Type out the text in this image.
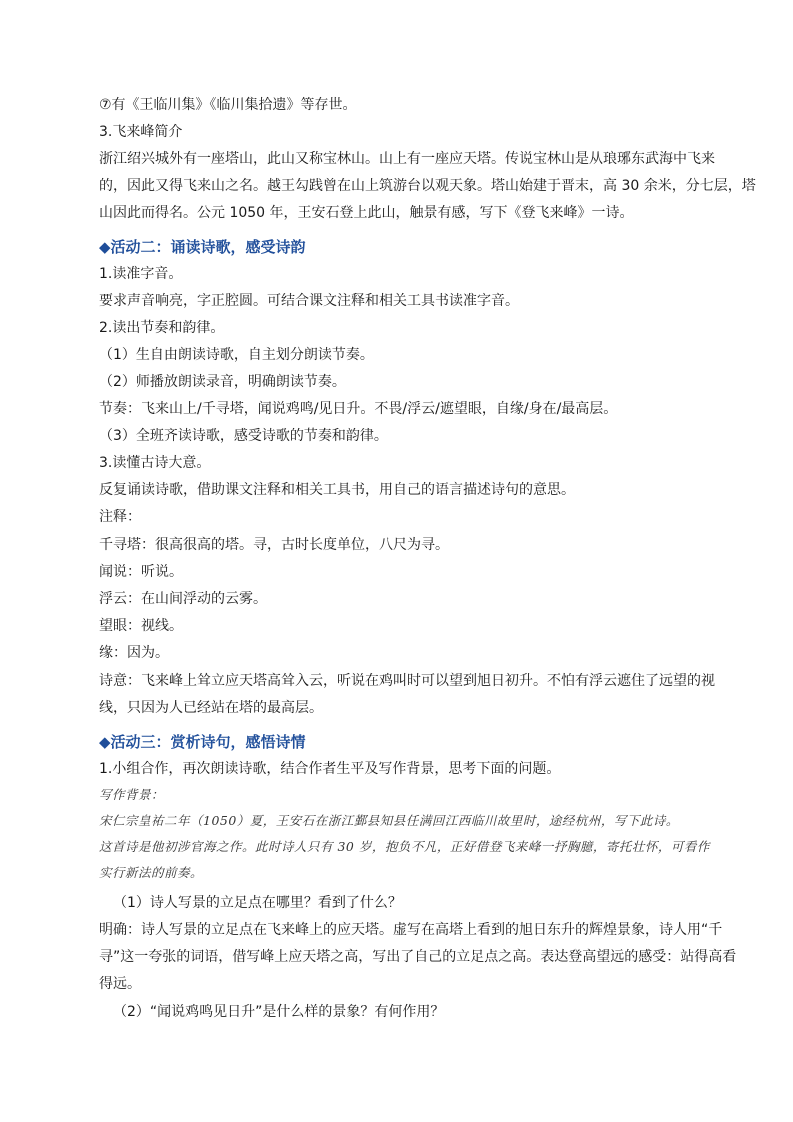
⑦有《王临川集》《临川集拾遗》等存世。
3.飞来峰简介
浙江绍兴城外有一座塔山，此山又称宝林山。山上有一座应天塔。传说宝林山是从琅琊东武海中飞来
的，因此又得飞来山之名。越王勾践曾在山上筑游台以观天象。塔山始建于晋末，高 30 余米，分七层，塔
山因此而得名。公元 1050 年，王安石登上此山，触景有感，写下《登飞来峰》一诗。
◆活动二：诵读诗歌，感受诗韵
1.读准字音。
要求声音响亮，字正腔圆。可结合课文注释和相关工具书读准字音。
2.读出节奏和韵律。
（1）生自由朗读诗歌，自主划分朗读节奏。
（2）师播放朗读录音，明确朗读节奏。
节奏：飞来山上/千寻塔，闻说鸡鸣/见日升。不畏/浮云/遮望眼，自缘/身在/最高层。
（3）全班齐读诗歌，感受诗歌的节奏和韵律。
3.读懂古诗大意。
反复诵读诗歌，借助课文注释和相关工具书，用自己的语言描述诗句的意思。
注释：
千寻塔：很高很高的塔。寻，古时长度单位，八尺为寻。
闻说：听说。
浮云：在山间浮动的云雾。
望眼：视线。
缘：因为。
诗意：飞来峰上耸立应天塔高耸入云，听说在鸡叫时可以望到旭日初升。不怕有浮云遮住了远望的视
线，只因为人已经站在塔的最高层。
◆活动三：赏析诗句，感悟诗情
1.小组合作，再次朗读诗歌，结合作者生平及写作背景，思考下面的问题。
写作背景：
宋仁宗皇祐二年（1050）夏，王安石在浙江鄞县知县任满回江西临川故里时，途经杭州，写下此诗。
这首诗是他初涉官海之作。此时诗人只有 30 岁，抱负不凡，正好借登飞来峰一抒胸臆，寄托壮怀，可看作
实行新法的前奏。
（1）诗人写景的立足点在哪里？看到了什么？
明确：诗人写景的立足点在飞来峰上的应天塔。虚写在高塔上看到的旭日东升的辉煌景象，诗人用“千
寻”这一夸张的词语，借写峰上应天塔之高，写出了自己的立足点之高。表达登高望远的感受：站得高看
得远。
（2）“闻说鸡鸣见日升”是什么样的景象？有何作用？
